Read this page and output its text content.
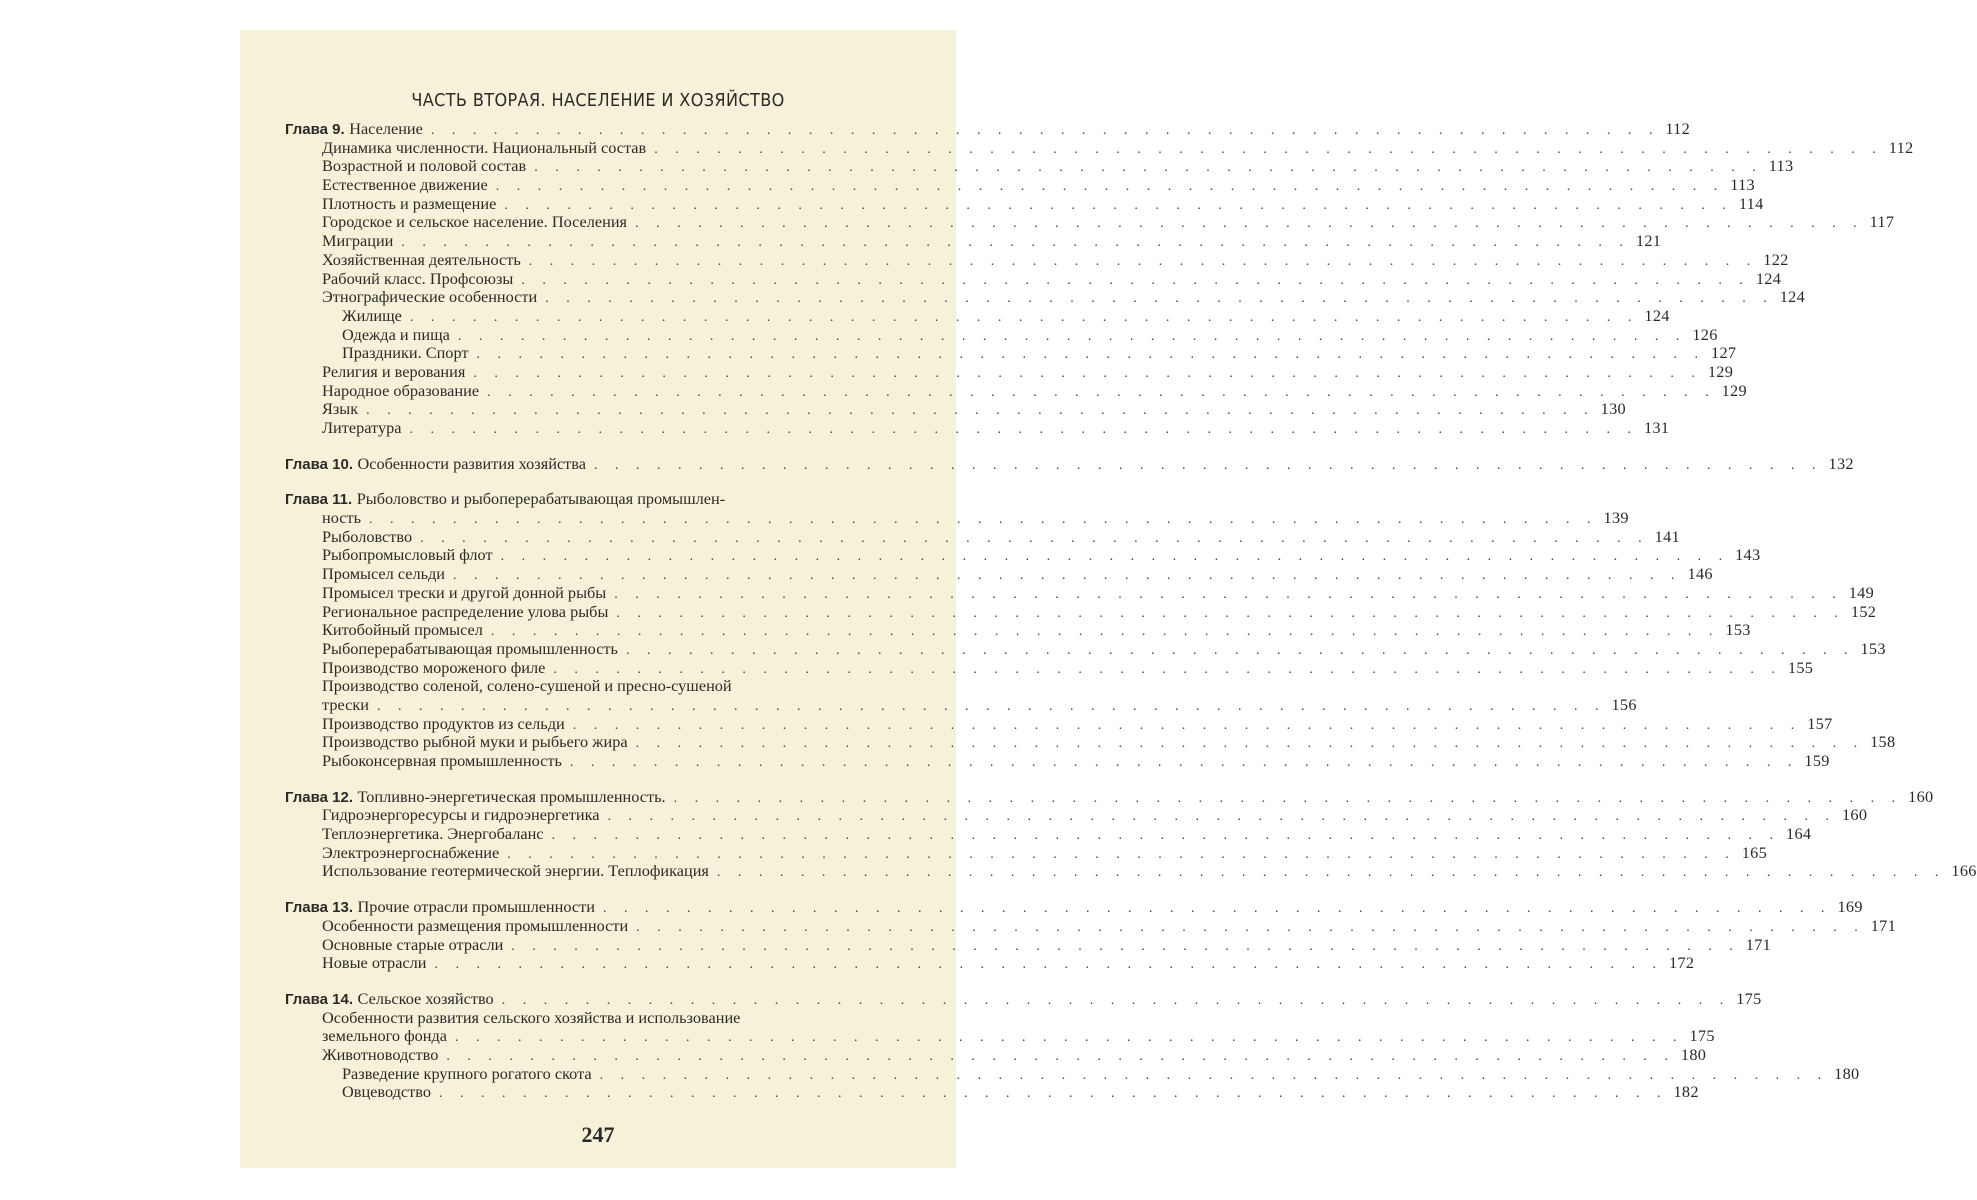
ЧАСТЬ ВТОРАЯ. НАСЕЛЕНИЕ И ХОЗЯЙСТВО
Глава 9. Население . . . . . . . . . . . . . . . . . . . . . . . . . . . . . . . . . . . . . . . . . . . . . . . . . . . . . . . . . . . 112
Динамика численности. Национальный состав . . . . . . . . . . . . . . . . . . . . . . . . . . . . . . . . . . . . . . . . . . . . . . . . . . . . . . . . . . . 112
Возрастной и половой состав . . . . . . . . . . . . . . . . . . . . . . . . . . . . . . . . . . . . . . . . . . . . . . . . . . . . . . . . . . . 113
Естественное движение . . . . . . . . . . . . . . . . . . . . . . . . . . . . . . . . . . . . . . . . . . . . . . . . . . . . . . . . . . . 113
Плотность и размещение . . . . . . . . . . . . . . . . . . . . . . . . . . . . . . . . . . . . . . . . . . . . . . . . . . . . . . . . . . . 114
Городское и сельское население. Поселения . . . . . . . . . . . . . . . . . . . . . . . . . . . . . . . . . . . . . . . . . . . . . . . . . . . . . . . . . . . 117
Миграции . . . . . . . . . . . . . . . . . . . . . . . . . . . . . . . . . . . . . . . . . . . . . . . . . . . . . . . . . . . 121
Хозяйственная деятельность . . . . . . . . . . . . . . . . . . . . . . . . . . . . . . . . . . . . . . . . . . . . . . . . . . . . . . . . . . . 122
Рабочий класс. Профсоюзы . . . . . . . . . . . . . . . . . . . . . . . . . . . . . . . . . . . . . . . . . . . . . . . . . . . . . . . . . . . 124
Этнографические особенности . . . . . . . . . . . . . . . . . . . . . . . . . . . . . . . . . . . . . . . . . . . . . . . . . . . . . . . . . . . 124
Жилище . . . . . . . . . . . . . . . . . . . . . . . . . . . . . . . . . . . . . . . . . . . . . . . . . . . . . . . . . . . 124
Одежда и пища . . . . . . . . . . . . . . . . . . . . . . . . . . . . . . . . . . . . . . . . . . . . . . . . . . . . . . . . . . . 126
Праздники. Спорт . . . . . . . . . . . . . . . . . . . . . . . . . . . . . . . . . . . . . . . . . . . . . . . . . . . . . . . . . . . 127
Религия и верования . . . . . . . . . . . . . . . . . . . . . . . . . . . . . . . . . . . . . . . . . . . . . . . . . . . . . . . . . . . 129
Народное образование . . . . . . . . . . . . . . . . . . . . . . . . . . . . . . . . . . . . . . . . . . . . . . . . . . . . . . . . . . . 129
Язык . . . . . . . . . . . . . . . . . . . . . . . . . . . . . . . . . . . . . . . . . . . . . . . . . . . . . . . . . . . 130
Литература . . . . . . . . . . . . . . . . . . . . . . . . . . . . . . . . . . . . . . . . . . . . . . . . . . . . . . . . . . . 131
Глава 10. Особенности развития хозяйства . . . . . . . . . . . . . . . . . . . . . . . . . . . . . . . . . . . . . . . . . . . . . . . . . . . . . . . . . . . 132
Глава 11. Рыболовство и рыбоперерабатывающая промышлен-
ность . . . . . . . . . . . . . . . . . . . . . . . . . . . . . . . . . . . . . . . . . . . . . . . . . . . . . . . . . . . 139
Рыболовство . . . . . . . . . . . . . . . . . . . . . . . . . . . . . . . . . . . . . . . . . . . . . . . . . . . . . . . . . . . 141
Рыбопромысловый флот . . . . . . . . . . . . . . . . . . . . . . . . . . . . . . . . . . . . . . . . . . . . . . . . . . . . . . . . . . . 143
Промысел сельди . . . . . . . . . . . . . . . . . . . . . . . . . . . . . . . . . . . . . . . . . . . . . . . . . . . . . . . . . . . 146
Промысел трески и другой донной рыбы . . . . . . . . . . . . . . . . . . . . . . . . . . . . . . . . . . . . . . . . . . . . . . . . . . . . . . . . . . . 149
Региональное распределение улова рыбы . . . . . . . . . . . . . . . . . . . . . . . . . . . . . . . . . . . . . . . . . . . . . . . . . . . . . . . . . . . 152
Китобойный промысел . . . . . . . . . . . . . . . . . . . . . . . . . . . . . . . . . . . . . . . . . . . . . . . . . . . . . . . . . . . 153
Рыбоперерабатывающая промышленность . . . . . . . . . . . . . . . . . . . . . . . . . . . . . . . . . . . . . . . . . . . . . . . . . . . . . . . . . . . 153
Производство мороженого филе . . . . . . . . . . . . . . . . . . . . . . . . . . . . . . . . . . . . . . . . . . . . . . . . . . . . . . . . . . . 155
Производство соленой, солено-сушеной и пресно-сушеной
трески . . . . . . . . . . . . . . . . . . . . . . . . . . . . . . . . . . . . . . . . . . . . . . . . . . . . . . . . . . . 156
Производство продуктов из сельди . . . . . . . . . . . . . . . . . . . . . . . . . . . . . . . . . . . . . . . . . . . . . . . . . . . . . . . . . . . 157
Производство рыбной муки и рыбьего жира . . . . . . . . . . . . . . . . . . . . . . . . . . . . . . . . . . . . . . . . . . . . . . . . . . . . . . . . . . . 158
Рыбоконсервная промышленность . . . . . . . . . . . . . . . . . . . . . . . . . . . . . . . . . . . . . . . . . . . . . . . . . . . . . . . . . . . 159
Глава 12. Топливно-энергетическая промышленность. . . . . . . . . . . . . . . . . . . . . . . . . . . . . . . . . . . . . . . . . . . . . . . . . . . . . . . . . . . . 160
Гидроэнергоресурсы и гидроэнергетика . . . . . . . . . . . . . . . . . . . . . . . . . . . . . . . . . . . . . . . . . . . . . . . . . . . . . . . . . . . 160
Теплоэнергетика. Энергобаланс . . . . . . . . . . . . . . . . . . . . . . . . . . . . . . . . . . . . . . . . . . . . . . . . . . . . . . . . . . . 164
Электроэнергоснабжение . . . . . . . . . . . . . . . . . . . . . . . . . . . . . . . . . . . . . . . . . . . . . . . . . . . . . . . . . . . 165
Использование геотермической энергии. Теплофикация . . . . . . . . . . . . . . . . . . . . . . . . . . . . . . . . . . . . . . . . . . . . . . . . . . . . . . . . . . . 166
Глава 13. Прочие отрасли промышленности . . . . . . . . . . . . . . . . . . . . . . . . . . . . . . . . . . . . . . . . . . . . . . . . . . . . . . . . . . . 169
Особенности размещения промышленности . . . . . . . . . . . . . . . . . . . . . . . . . . . . . . . . . . . . . . . . . . . . . . . . . . . . . . . . . . . 171
Основные старые отрасли . . . . . . . . . . . . . . . . . . . . . . . . . . . . . . . . . . . . . . . . . . . . . . . . . . . . . . . . . . . 171
Новые отрасли . . . . . . . . . . . . . . . . . . . . . . . . . . . . . . . . . . . . . . . . . . . . . . . . . . . . . . . . . . . 172
Глава 14. Сельское хозяйство . . . . . . . . . . . . . . . . . . . . . . . . . . . . . . . . . . . . . . . . . . . . . . . . . . . . . . . . . . . 175
Особенности развития сельского хозяйства и использование
земельного фонда . . . . . . . . . . . . . . . . . . . . . . . . . . . . . . . . . . . . . . . . . . . . . . . . . . . . . . . . . . . 175
Животноводство . . . . . . . . . . . . . . . . . . . . . . . . . . . . . . . . . . . . . . . . . . . . . . . . . . . . . . . . . . . 180
Разведение крупного рогатого скота . . . . . . . . . . . . . . . . . . . . . . . . . . . . . . . . . . . . . . . . . . . . . . . . . . . . . . . . . . . 180
Овцеводство . . . . . . . . . . . . . . . . . . . . . . . . . . . . . . . . . . . . . . . . . . . . . . . . . . . . . . . . . . . 182
247
